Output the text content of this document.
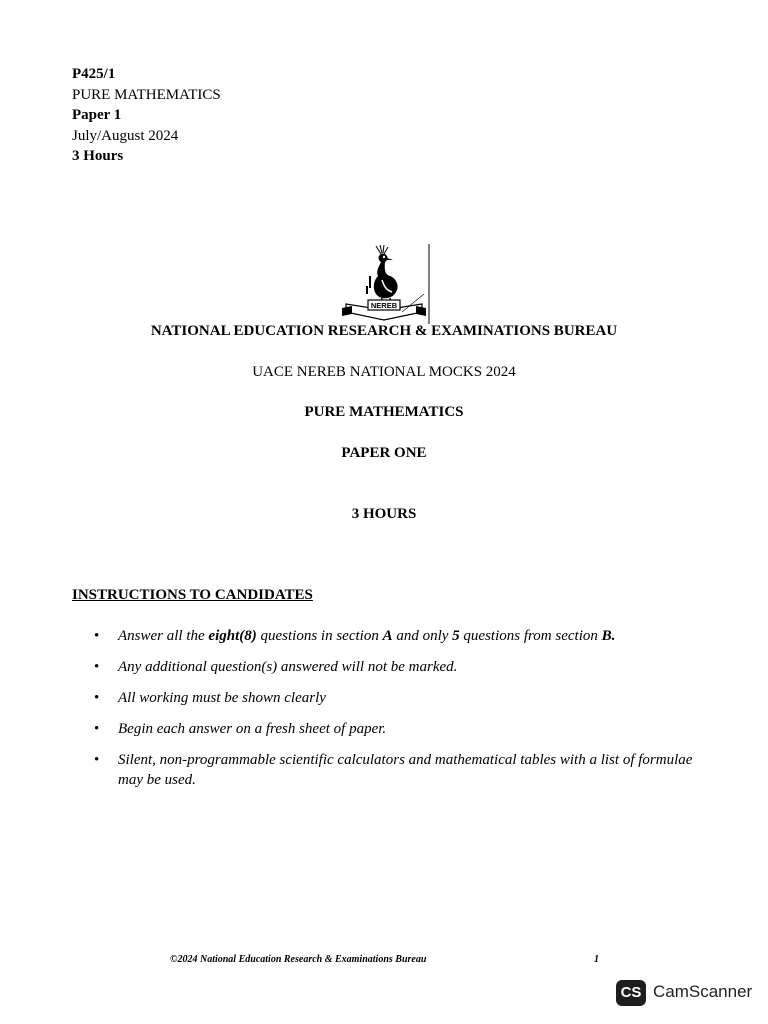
P425/1
PURE MATHEMATICS
Paper 1
July/August 2024
3 Hours
NEREB
NATIONAL EDUCATION RESEARCH & EXAMINATIONS BUREAU
UACE NEREB NATIONAL MOCKS 2024
PURE MATHEMATICS
PAPER ONE
3 HOURS
INSTRUCTIONS TO CANDIDATES
• Answer all the eight(8) questions in section A and only 5 questions from section B.
• Any additional question(s) answered will not be marked.
• All working must be shown clearly
• Begin each answer on a fresh sheet of paper.
• Silent, non-programmable scientific calculators and mathematical tables with a list of formulae may be used.
©2024 National Education Research & Examinations Bureau	1
CS CamScanner
